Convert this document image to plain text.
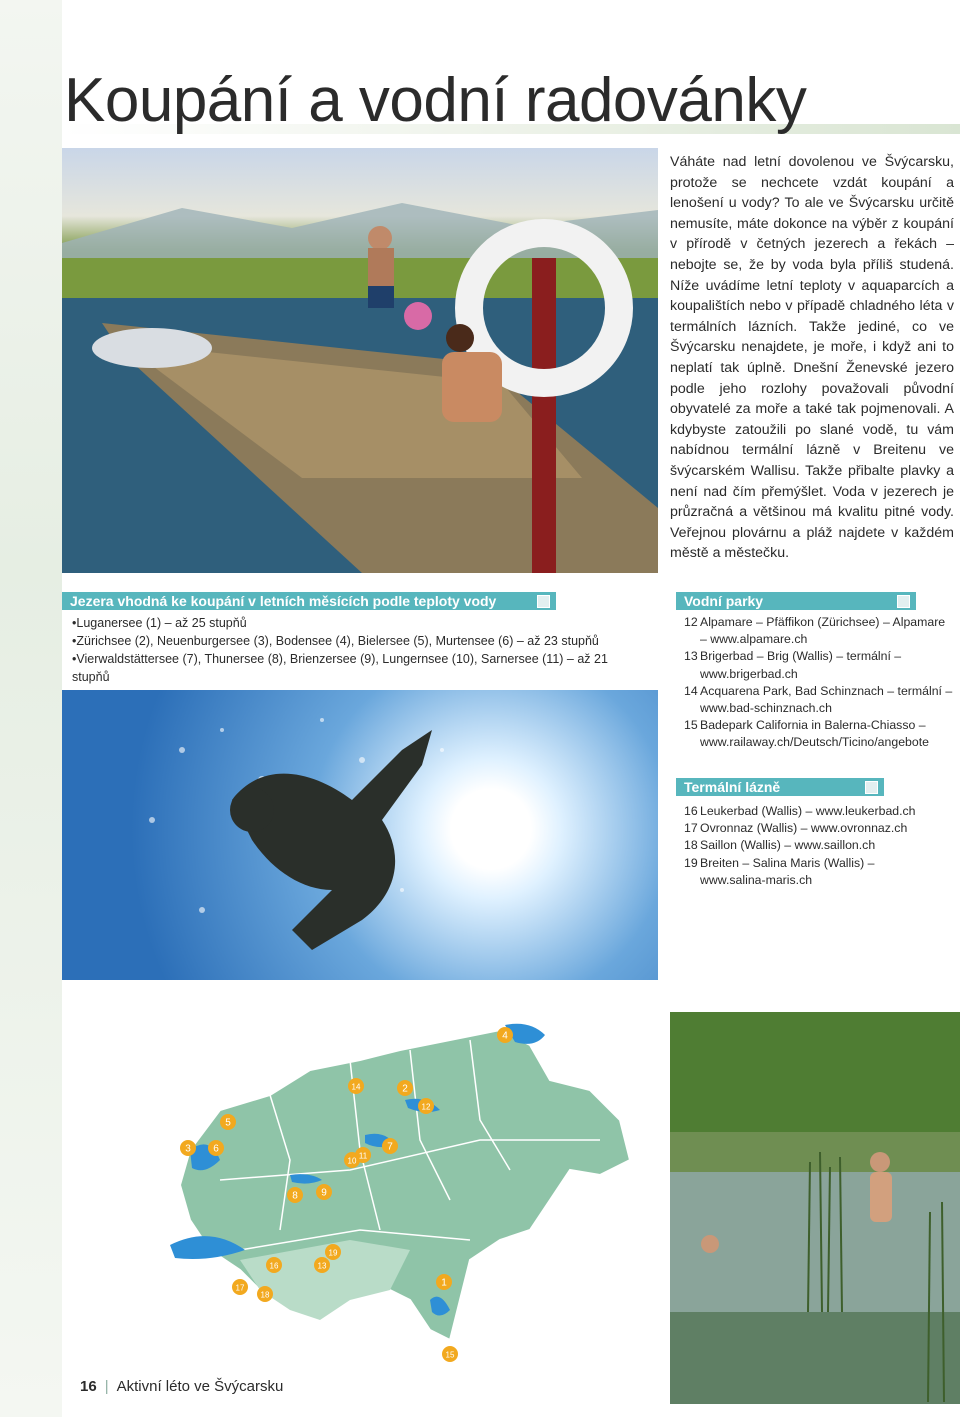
Koupání a vodní radovánky

Váháte nad letní dovolenou ve Švýcarsku, protože se nechcete vzdát koupání a lenošení u vody? To ale ve Švýcarsku určitě nemusíte, máte dokonce na výběr z koupání v přírodě v četných jezerech a řekách – nebojte se, že by voda byla příliš studená. Níže uvádíme letní teploty v aquaparcích a koupalištích nebo v případě chladného léta v termálních lázních. Takže jediné, co ve Švýcarsku nenajdete, je moře, i když ani to neplatí tak úplně. Dnešní Ženevské jezero podle jeho rozlohy považovali původní obyvatelé za moře a také tak pojmenovali. A kdybyste zatoužili po slané vodě, tu vám nabídnou termální lázně v Breitenu ve švýcarském Wallisu. Takže přibalte plavky a není nad čím přemýšlet. Voda v jezerech je průzračná a většinou má kvalitu pitné vody. Veřejnou plovárnu a pláž najdete v každém městě a městečku.

Jezera vhodná ke koupání v letních měsících podle teploty vody
• Luganersee (1) – až 25 stupňů
• Zürichsee (2), Neuenburgersee (3), Bodensee (4), Bielersee (5), Murtensee (6) – až 23 stupňů
• Vierwaldstättersee (7), Thunersee (8), Brienzersee (9), Lungernsee (10), Sarnersee (11) – až 21 stupňů
Vodní parky
12 Alpamare – Pfäffikon (Zürichsee) – Alpamare
– www.alpamare.ch
13 Brigerbad – Brig (Wallis) – termální –
www.brigerbad.ch
14 Acquarena Park, Bad Schinznach – termální –
www.bad-schinznach.ch
15 Badepark California in Balerna-Chiasso –
www.railaway.ch/Deutsch/Ticino/angebote
Termální lázně
16 Leukerbad (Wallis) – www.leukerbad.ch
17 Ovronnaz (Wallis) – www.ovronnaz.ch
18 Saillon (Wallis) – www.saillon.ch
19 Breiten – Salina Maris (Wallis) –
www.salina-maris.ch
1
2
3
4
5
6	7
8 9
10
11
12
13
14
15
16
17
18
19
16 | Aktivní léto ve Švýcarsku
